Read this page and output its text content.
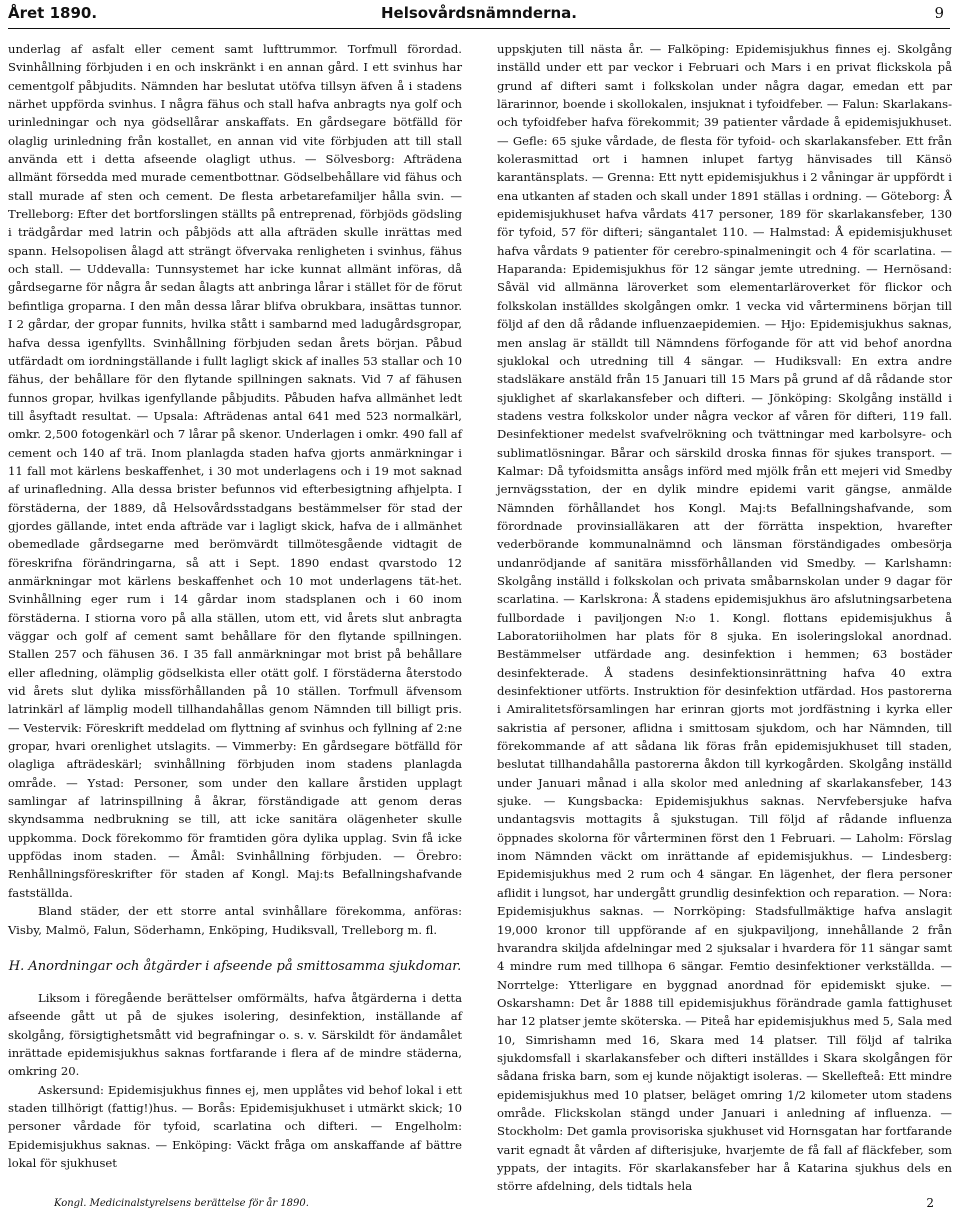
Året 1890.	Helsovårdsnämnderna.	9

underlag af asfalt eller cement samt lufttrummor. Torfmull förordad. Svinhållning förbjuden i en och inskränkt i en annan gård. I ett svinhus har cementgolf påbjudits. Nämnden har beslutat utöfva tillsyn äfven å i stadens närhet uppförda svinhus. I några fähus och stall hafva anbragts nya golf och urinledningar och nya gödsellårar anskaffats. En gårdsegare bötfälld för olaglig urinledning från kostallet, en annan vid vite förbjuden att till stall använda ett i detta afseende olagligt uthus. — Sölvesborg: Afträdena allmänt försedda med murade cementbottnar. Gödselbehållare vid fähus och stall murade af sten och cement. De flesta arbetarefamiljer hålla svin. — Trelleborg: Efter det bortforslingen ställts på entreprenad, förbjöds gödsling i trädgårdar med latrin och påbjöds att alla afträden skulle inrättas med spann. Helsopolisen ålagd att strängt öfvervaka renligheten i svinhus, fähus och stall. — Uddevalla: Tunnsystemet har icke kunnat allmänt införas, då gårdsegarne för några år sedan ålagts att anbringa lårar i stället för de förut befintliga groparna. I den mån dessa lårar blifva obrukbara, insättas tunnor. I 2 gårdar, der gropar funnits, hvilka stått i sambarnd med ladugårdsgropar, hafva dessa igenfyllts. Svinhållning förbjuden sedan årets början. Påbud utfärdadt om iordningställande i fullt lagligt skick af inalles 53 stallar och 10 fähus, der behållare för den flytande spillningen saknats. Vid 7 af fähusen funnos gropar, hvilkas igenfyllande påbjudits. Påbuden hafva allmänhet ledt till åsyftadt resultat. — Upsala: Afträdenas antal 641 med 523 normalkärl, omkr. 2,500 fotogenkärl och 7 lårar på skenor. Underlagen i omkr. 490 fall af cement och 140 af trä. Inom planlagda staden hafva gjorts anmärkningar i 11 fall mot kärlens beskaffenhet, i 30 mot underlagens och i 19 mot saknad af urinafledning. Alla dessa brister befunnos vid efterbesigtning afhjelpta. I förstäderna, der 1889, då Helsovårdsstadgans bestämmelser för stad der gjordes gällande, intet enda afträde var i lagligt skick, hafva de i allmänhet obemedlade gårdsegarne med berömvärdt tillmötesgående vidtagit de föreskrifna förändringarna, så att i Sept. 1890 endast qvarstodo 12 anmärkningar mot kärlens beskaffenhet och 10 mot underlagens tät-het. Svinhållning eger rum i 14 gårdar inom stadsplanen och i 60 inom förstäderna. I stiorna voro på alla ställen, utom ett, vid årets slut anbragta väggar och golf af cement samt behållare för den flytande spillningen. Stallen 257 och fähusen 36. I 35 fall anmärkningar mot brist på behållare eller afledning, olämplig gödselkista eller otätt golf. I förstäderna återstodo vid årets slut dylika missförhållanden på 10 ställen. Torfmull äfvensom latrinkärl af lämplig modell tillhandahållas genom Nämnden till billigt pris. — Vestervik: Föreskrift meddelad om flyttning af svinhus och fyllning af 2:ne gropar, hvari orenlighet utslagits. — Vimmerby: En gårdsegare bötfälld för olagliga afträdeskärl; svinhållning förbjuden inom stadens planlagda område. — Ystad: Personer, som under den kallare årstiden upplagt samlingar af latrinspillning å åkrar, förständigade att genom deras skyndsamma nedbrukning se till, att icke sanitära olägenheter skulle uppkomma. Dock förekommo för framtiden göra dylika upplag. Svin få icke uppfödas inom staden. — Åmål: Svinhållning förbjuden. — Örebro: Renhållningsföreskrifter för staden af Kongl. Maj:ts Befallningshafvande fastställda.

Bland städer, der ett storre antal svinhållare förekomma, anföras: Visby, Malmö, Falun, Söderhamn, Enköping, Hudiksvall, Trelleborg m. fl.

H. Anordningar och åtgärder i afseende på smittosamma sjukdomar.

Liksom i föregående berättelser omförmälts, hafva åtgärderna i detta afseende gått ut på de sjukes isolering, desinfektion, inställande af skolgång, försigtighetsmått vid begrafningar o. s. v. Särskildt för ändamålet inrättade epidemisjukhus saknas fortfarande i flera af de mindre städerna, omkring 20.

Askersund: Epidemisjukhus finnes ej, men upplåtes vid behof lokal i ett staden tillhörigt (fattig!)hus. — Borås: Epidemisjukhuset i utmärkt skick; 10 personer vårdade för tyfoid, scarlatina och difteri. — Engelholm: Epidemisjukhus saknas. — Enköping: Väckt fråga om anskaffande af bättre lokal för sjukhuset

uppskjuten till nästa år. — Falköping: Epidemisjukhus finnes ej. Skolgång inställd under ett par veckor i Februari och Mars i en privat flickskola på grund af difteri samt i folkskolan under några dagar, emedan ett par lärarinnor, boende i skollokalen, insjuknat i tyfoidfeber. — Falun: Skarlakans- och tyfoidfeber hafva förekommit; 39 patienter vårdade å epidemisjukhuset. — Gefle: 65 sjuke vårdade, de flesta för tyfoid- och skarlakansfeber. Ett från kolerasmittad ort i hamnen inlupet fartyg hänvisades till Känsö karantänsplats. — Grenna: Ett nytt epidemisjukhus i 2 våningar är uppfördt i ena utkanten af staden och skall under 1891 ställas i ordning. — Göteborg: Å epidemisjukhuset hafva vårdats 417 personer, 189 för skarlakansfeber, 130 för tyfoid, 57 för difteri; sängantalet 110. — Halmstad: Å epidemisjukhuset hafva vårdats 9 patienter för cerebro-spinalmeningit och 4 för scarlatina. — Haparanda: Epidemisjukhus för 12 sängar jemte utredning. — Hernösand: Såväl vid allmänna läroverket som elementarläroverket för flickor och folkskolan inställdes skolgången omkr. 1 vecka vid vårterminens början till följd af den då rådande influenzaepidemien. — Hjo: Epidemisjukhus saknas, men anslag är ställdt till Nämndens förfogande för att vid behof anordna sjuklokal och utredning till 4 sängar. — Hudiksvall: En extra andre stadsläkare anstäld från 15 Januari till 15 Mars på grund af då rådande stor sjuklighet af skarlakansfeber och difteri. — Jönköping: Skolgång inställd i stadens vestra folkskolor under några veckor af våren för difteri, 119 fall. Desinfektioner medelst svafvelrökning och tvättningar med karbolsyre- och sublimatlösningar. Bårar och särskild droska finnas för sjukes transport. — Kalmar: Då tyfoidsmitta ansågs införd med mjölk från ett mejeri vid Smedby jernvägsstation, der en dylik mindre epidemi varit gängse, anmälde Nämnden förhållandet hos Kongl. Maj:ts Befallningshafvande, som förordnade provinsialläkaren att der förrätta inspektion, hvarefter vederbörande kommunalnämnd och länsman förständigades ombesörja undanrödjande af sanitära missförhållanden vid Smedby. — Karlshamn: Skolgång inställd i folkskolan och privata småbarnskolan under 9 dagar för scarlatina. — Karlskrona: Å stadens epidemisjukhus äro afslutningsarbetena fullbordade i paviljongen N:o 1. Kongl. flottans epidemisjukhus å Laboratoriiholmen har plats för 8 sjuka. En isoleringslokal anordnad. Bestämmelser utfärdade ang. desinfektion i hemmen; 63 bostäder desinfekterade. Å stadens desinfektionsinrättning hafva 40 extra desinfektioner utförts. Instruktion för desinfektion utfärdad. Hos pastorerna i Amiralitetsförsamlingen har erinran gjorts mot jordfästning i kyrka eller sakristia af personer, aflidna i smittosam sjukdom, och har Nämnden, till förekommande af att sådana lik föras från epidemisjukhuset till staden, beslutat tillhandahålla pastorerna åkdon till kyrkogården. Skolgång inställd under Januari månad i alla skolor med anledning af skarlakansfeber, 143 sjuke. — Kungsbacka: Epidemisjukhus saknas. Nervfebersjuke hafva undantagsvis mottagits å sjukstugan. Till följd af rådande influenza öppnades skolorna för vårterminen först den 1 Februari. — Laholm: Förslag inom Nämnden väckt om inrättande af epidemisjukhus. — Lindesberg: Epidemisjukhus med 2 rum och 4 sängar. En lägenhet, der flera personer aflidit i lungsot, har undergått grundlig desinfektion och reparation. — Nora: Epidemisjukhus saknas. — Norrköping: Stadsfullmäktige hafva anslagit 19,000 kronor till uppförande af en sjukpaviljong, innehållande 2 från hvarandra skiljda afdelningar med 2 sjuksalar i hvardera för 11 sängar samt 4 mindre rum med tillhopa 6 sängar. Femtio desinfektioner verkställda. — Norrtelge: Ytterligare en byggnad anordnad för epidemiskt sjuke. — Oskarshamn: Det år 1888 till epidemisjukhus förändrade gamla fattighuset har 12 platser jemte sköterska. — Piteå har epidemisjukhus med 5, Sala med 10, Simrishamn med 16, Skara med 14 platser. Till följd af talrika sjukdomsfall i skarlakansfeber och difteri inställdes i Skara skolgången för sådana friska barn, som ej kunde nöjaktigt isoleras. — Skellefteå: Ett mindre epidemisjukhus med 10 platser, beläget omring 1/2 kilometer utom stadens område. Flickskolan stängd under Januari i anledning af influenza. — Stockholm: Det gamla provisoriska sjukhuset vid Hornsgatan har fortfarande varit egnadt åt vården af difterisjuke, hvarjemte de få fall af fläckfeber, som yppats, der intagits. För skarlakansfeber har å Katarina sjukhus dels en större afdelning, dels tidtals hela

Kongl. Medicinalstyrelsens berättelse för år 1890.	2
